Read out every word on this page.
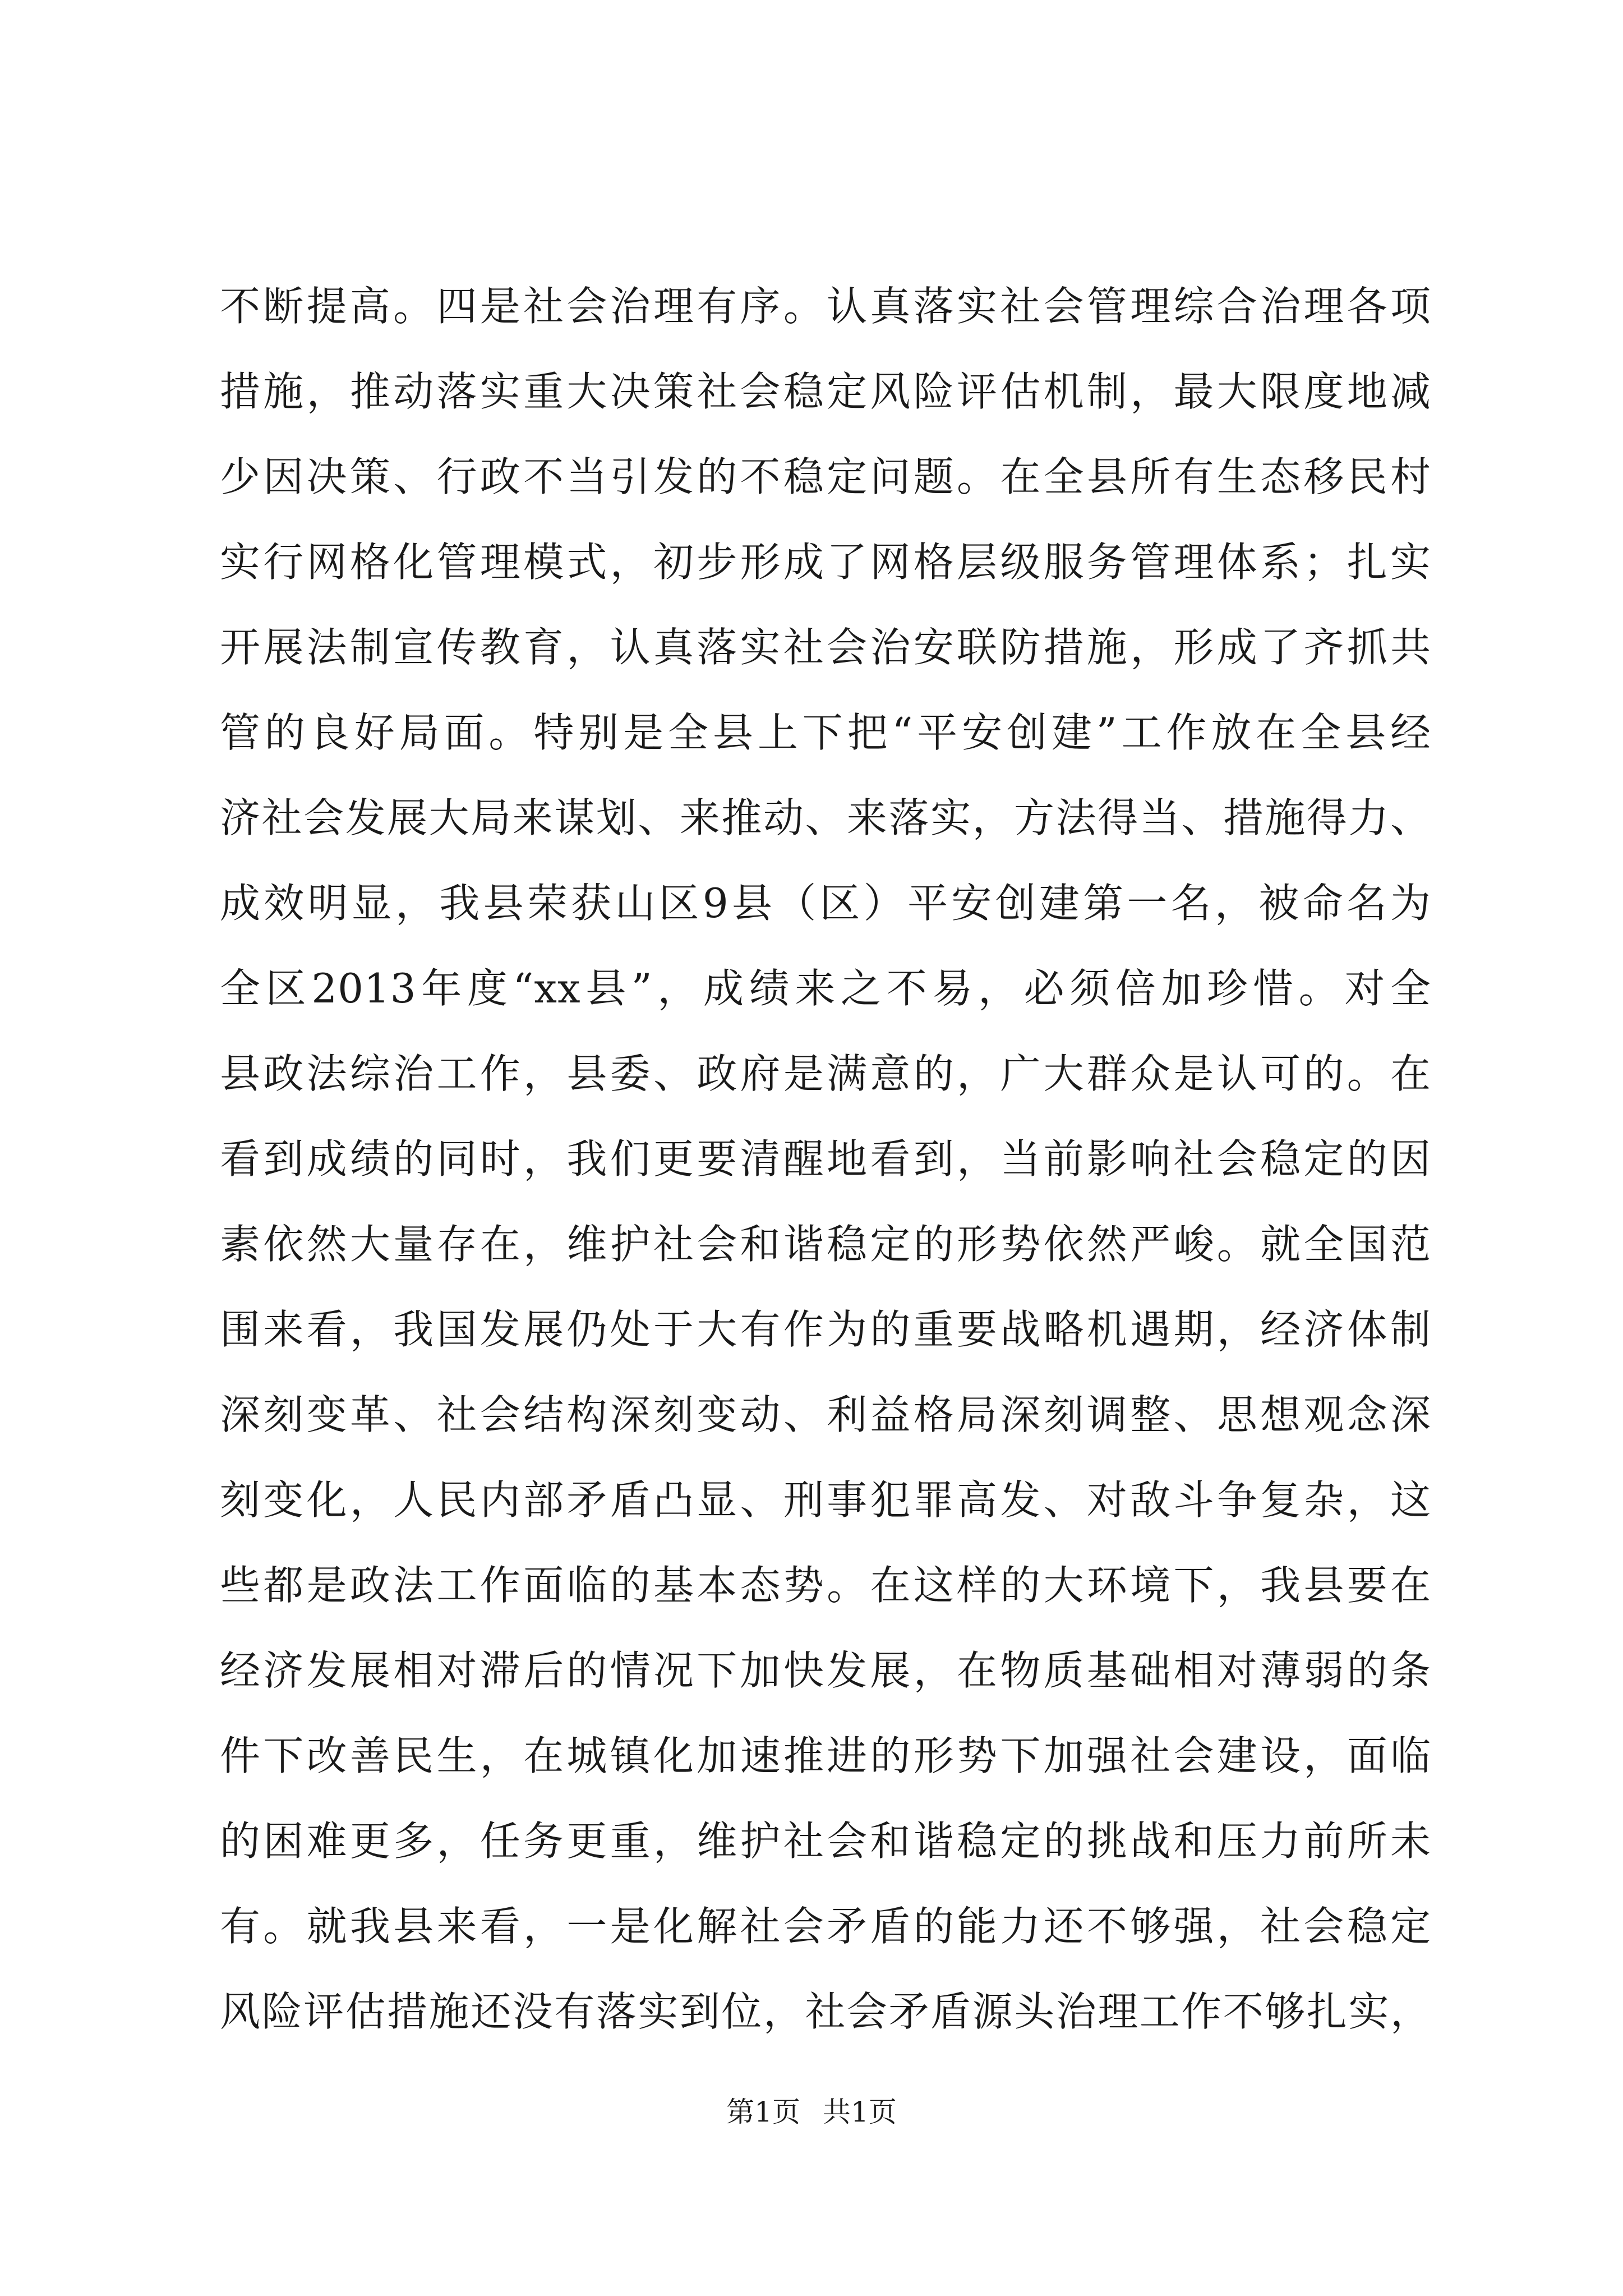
不断提高。四是社会治理有序。认真落实社会管理综合治理各项
措施，推动落实重大决策社会稳定风险评估机制，最大限度地减
少因决策、行政不当引发的不稳定问题。在全县所有生态移民村
实行网格化管理模式，初步形成了网格层级服务管理体系；扎实
开展法制宣传教育，认真落实社会治安联防措施，形成了齐抓共
管的良好局面。特别是全县上下把“平安创建”工作放在全县经
济社会发展大局来谋划、来推动、来落实，方法得当、措施得力、
成效明显，我县荣获山区9县（区）平安创建第一名，被命名为
全区2013年度“xx县”，成绩来之不易，必须倍加珍惜。对全
县政法综治工作，县委、政府是满意的，广大群众是认可的。在
看到成绩的同时，我们更要清醒地看到，当前影响社会稳定的因
素依然大量存在，维护社会和谐稳定的形势依然严峻。就全国范
围来看，我国发展仍处于大有作为的重要战略机遇期，经济体制
深刻变革、社会结构深刻变动、利益格局深刻调整、思想观念深
刻变化，人民内部矛盾凸显、刑事犯罪高发、对敌斗争复杂，这
些都是政法工作面临的基本态势。在这样的大环境下，我县要在
经济发展相对滞后的情况下加快发展，在物质基础相对薄弱的条
件下改善民生，在城镇化加速推进的形势下加强社会建设，面临
的困难更多，任务更重，维护社会和谐稳定的挑战和压力前所未
有。就我县来看，一是化解社会矛盾的能力还不够强，社会稳定
风险评估措施还没有落实到位，社会矛盾源头治理工作不够扎实，
第1页 共1页
